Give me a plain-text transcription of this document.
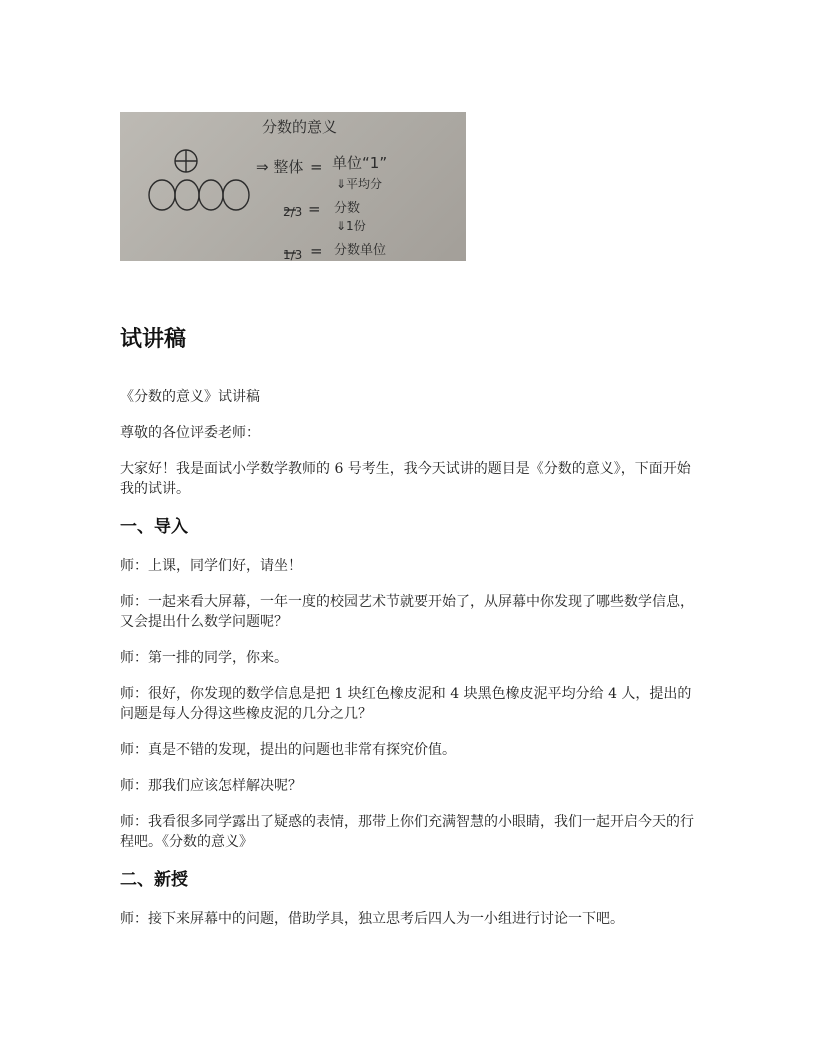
分数的意义
⇒ 整体 = 单位“1”
⇓平均分
2/3 = 分数
⇓1份
1/3 = 分数单位
试讲稿

《分数的意义》试讲稿

尊敬的各位评委老师：

大家好！我是面试小学数学教师的 6 号考生，我今天试讲的题目是《分数的意义》，下面开始我的试讲。

一、导入

师：上课，同学们好，请坐！

师：一起来看大屏幕，一年一度的校园艺术节就要开始了，从屏幕中你发现了哪些数学信息，又会提出什么数学问题呢？

师：第一排的同学，你来。

师：很好，你发现的数学信息是把 1 块红色橡皮泥和 4 块黑色橡皮泥平均分给 4 人，提出的问题是每人分得这些橡皮泥的几分之几？

师：真是不错的发现，提出的问题也非常有探究价值。

师：那我们应该怎样解决呢？

师：我看很多同学露出了疑惑的表情，那带上你们充满智慧的小眼睛，我们一起开启今天的行程吧。《分数的意义》

二、新授

师：接下来屏幕中的问题，借助学具，独立思考后四人为一小组进行讨论一下吧。
